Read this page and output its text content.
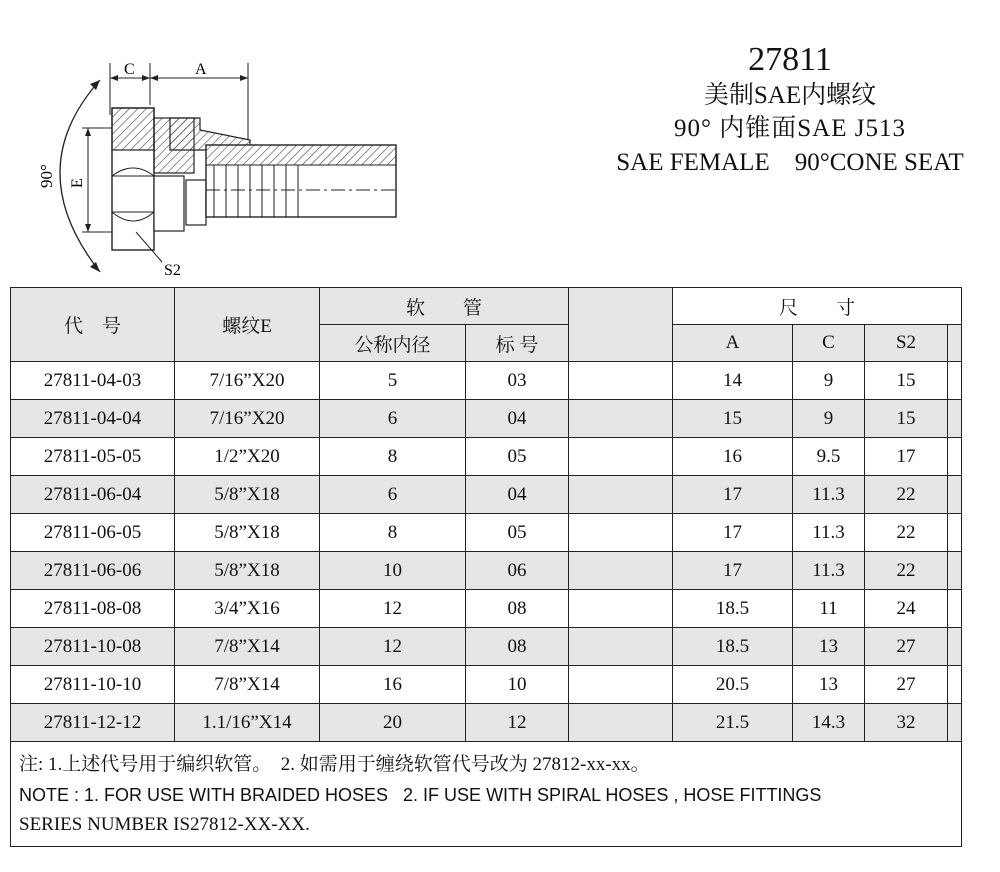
90°
C	A
E
S2
27811
美制SAE内螺纹
90° 内锥面SAE J513
SAE FEMALE    90°CONE SEAT
代　号	螺纹E	软　　管			尺　　寸			
		公称内径	标 号		A	C	S2	
27811-04-03	7/16”X20	5	03		14	9	15	
27811-04-04	7/16”X20	6	04		15	9	15	
27811-05-05	1/2”X20	8	05		16	9.5	17	
27811-06-04	5/8”X18	6	04		17	11.3	22	
27811-06-05	5/8”X18	8	05		17	11.3	22	
27811-06-06	5/8”X18	10	06		17	11.3	22	
27811-08-08	3/4”X16	12	08		18.5	11	24	
27811-10-08	7/8”X14	12	08		18.5	13	27	
27811-10-10	7/8”X14	16	10		20.5	13	27	
27811-12-12	1.1/16”X14	20	12		21.5	14.3	32	

注: 1.上述代号用于编织软管。  2. 如需用于缠绕软管代号改为 27812-xx-xx。
NOTE : 1. FOR USE WITH BRAIDED HOSES   2. IF USE WITH SPIRAL HOSES , HOSE FITTINGS
SERIES NUMBER IS27812-XX-XX.								
